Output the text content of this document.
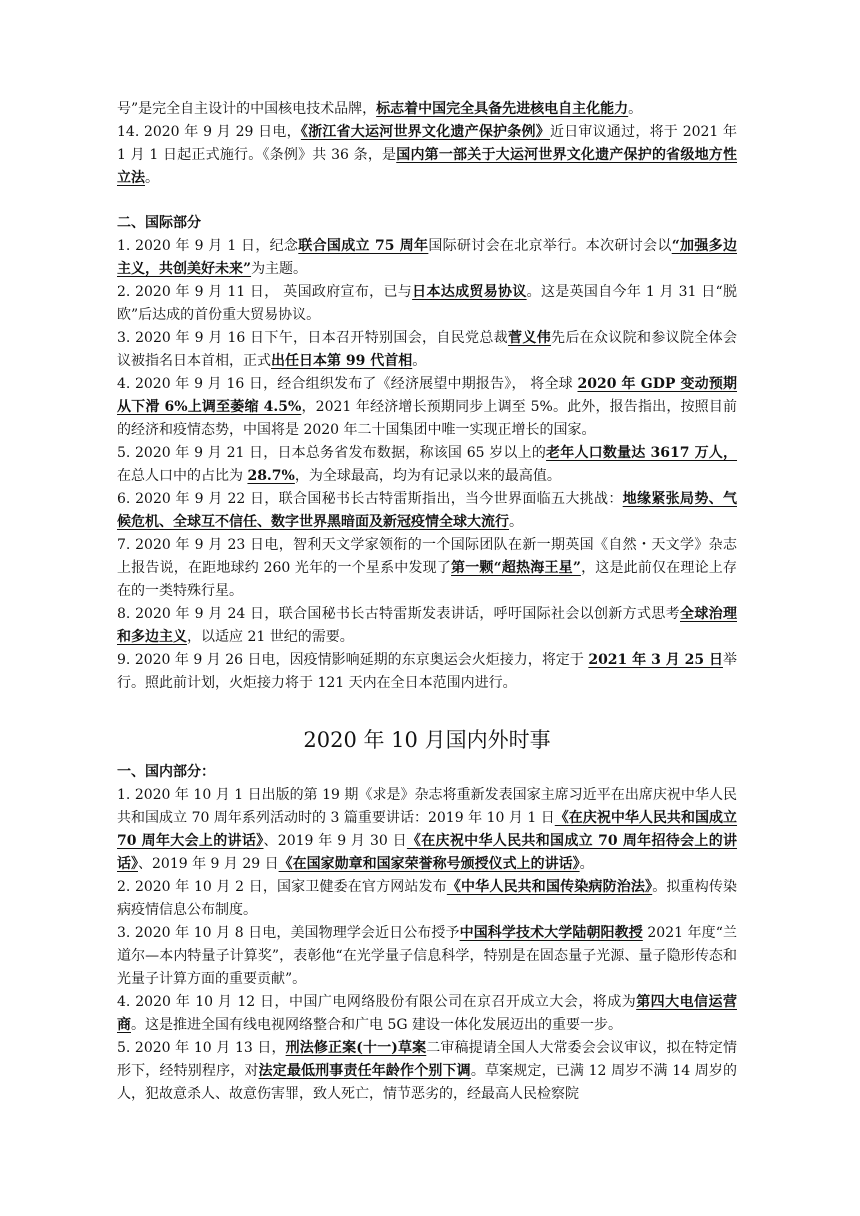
号”是完全自主设计的中国核电技术品牌，标志着中国完全具备先进核电自主化能力。

14. 2020 年 9 月 29 日电，《浙江省大运河世界文化遗产保护条例》近日审议通过，将于 2021 年 1 月 1 日起正式施行。《条例》共 36 条，是国内第一部关于大运河世界文化遗产保护的省级地方性立法。

二、国际部分

1. 2020 年 9 月 1 日，纪念联合国成立 75 周年国际研讨会在北京举行。本次研讨会以“加强多边主义，共创美好未来”为主题。

2. 2020 年 9 月 11 日， 英国政府宣布，已与日本达成贸易协议。这是英国自今年 1 月 31 日“脱欧”后达成的首份重大贸易协议。

3. 2020 年 9 月 16 日下午，日本召开特别国会，自民党总裁菅义伟先后在众议院和参议院全体会议被指名日本首相，正式出任日本第 99 代首相。

4. 2020 年 9 月 16 日，经合组织发布了《经济展望中期报告》， 将全球 2020 年 GDP 变动预期从下滑 6%上调至萎缩 4.5%，2021 年经济增长预期同步上调至 5%。此外，报告指出，按照目前的经济和疫情态势，中国将是 2020 年二十国集团中唯一实现正增长的国家。

5. 2020 年 9 月 21 日，日本总务省发布数据，称该国 65 岁以上的老年人口数量达 3617 万人，在总人口中的占比为 28.7%，为全球最高，均为有记录以来的最高值。

6. 2020 年 9 月 22 日，联合国秘书长古特雷斯指出，当今世界面临五大挑战：地缘紧张局势、气候危机、全球互不信任、数字世界黑暗面及新冠疫情全球大流行。

7. 2020 年 9 月 23 日电，智利天文学家领衔的一个国际团队在新一期英国《自然・天文学》杂志上报告说，在距地球约 260 光年的一个星系中发现了第一颗“超热海王星”，这是此前仅在理论上存在的一类特殊行星。

8. 2020 年 9 月 24 日，联合国秘书长古特雷斯发表讲话，呼吁国际社会以创新方式思考全球治理和多边主义，以适应 21 世纪的需要。

9. 2020 年 9 月 26 日电，因疫情影响延期的东京奥运会火炬接力，将定于 2021 年 3 月 25 日举行。照此前计划，火炬接力将于 121 天内在全日本范围内进行。

2020 年 10 月国内外时事

一、国内部分：

1. 2020 年 10 月 1 日出版的第 19 期《求是》杂志将重新发表国家主席习近平在出席庆祝中华人民共和国成立 70 周年系列活动时的 3 篇重要讲话：2019 年 10 月 1 日《在庆祝中华人民共和国成立 70 周年大会上的讲话》、2019 年 9 月 30 日《在庆祝中华人民共和国成立 70 周年招待会上的讲话》、2019 年 9 月 29 日《在国家勋章和国家荣誉称号颁授仪式上的讲话》。

2. 2020 年 10 月 2 日，国家卫健委在官方网站发布《中华人民共和国传染病防治法》。拟重构传染病疫情信息公布制度。

3. 2020 年 10 月 8 日电，美国物理学会近日公布授予中国科学技术大学陆朝阳教授 2021 年度“兰道尔—本内特量子计算奖”，表彰他“在光学量子信息科学，特别是在固态量子光源、量子隐形传态和光量子计算方面的重要贡献”。

4. 2020 年 10 月 12 日，中国广电网络股份有限公司在京召开成立大会，将成为第四大电信运营商。这是推进全国有线电视网络整合和广电 5G 建设一体化发展迈出的重要一步。

5. 2020 年 10 月 13 日，刑法修正案(十一)草案二审稿提请全国人大常委会会议审议，拟在特定情形下，经特别程序，对法定最低刑事责任年龄作个别下调。草案规定，已满 12 周岁不满 14 周岁的人，犯故意杀人、故意伤害罪，致人死亡，情节恶劣的，经最高人民检察院
